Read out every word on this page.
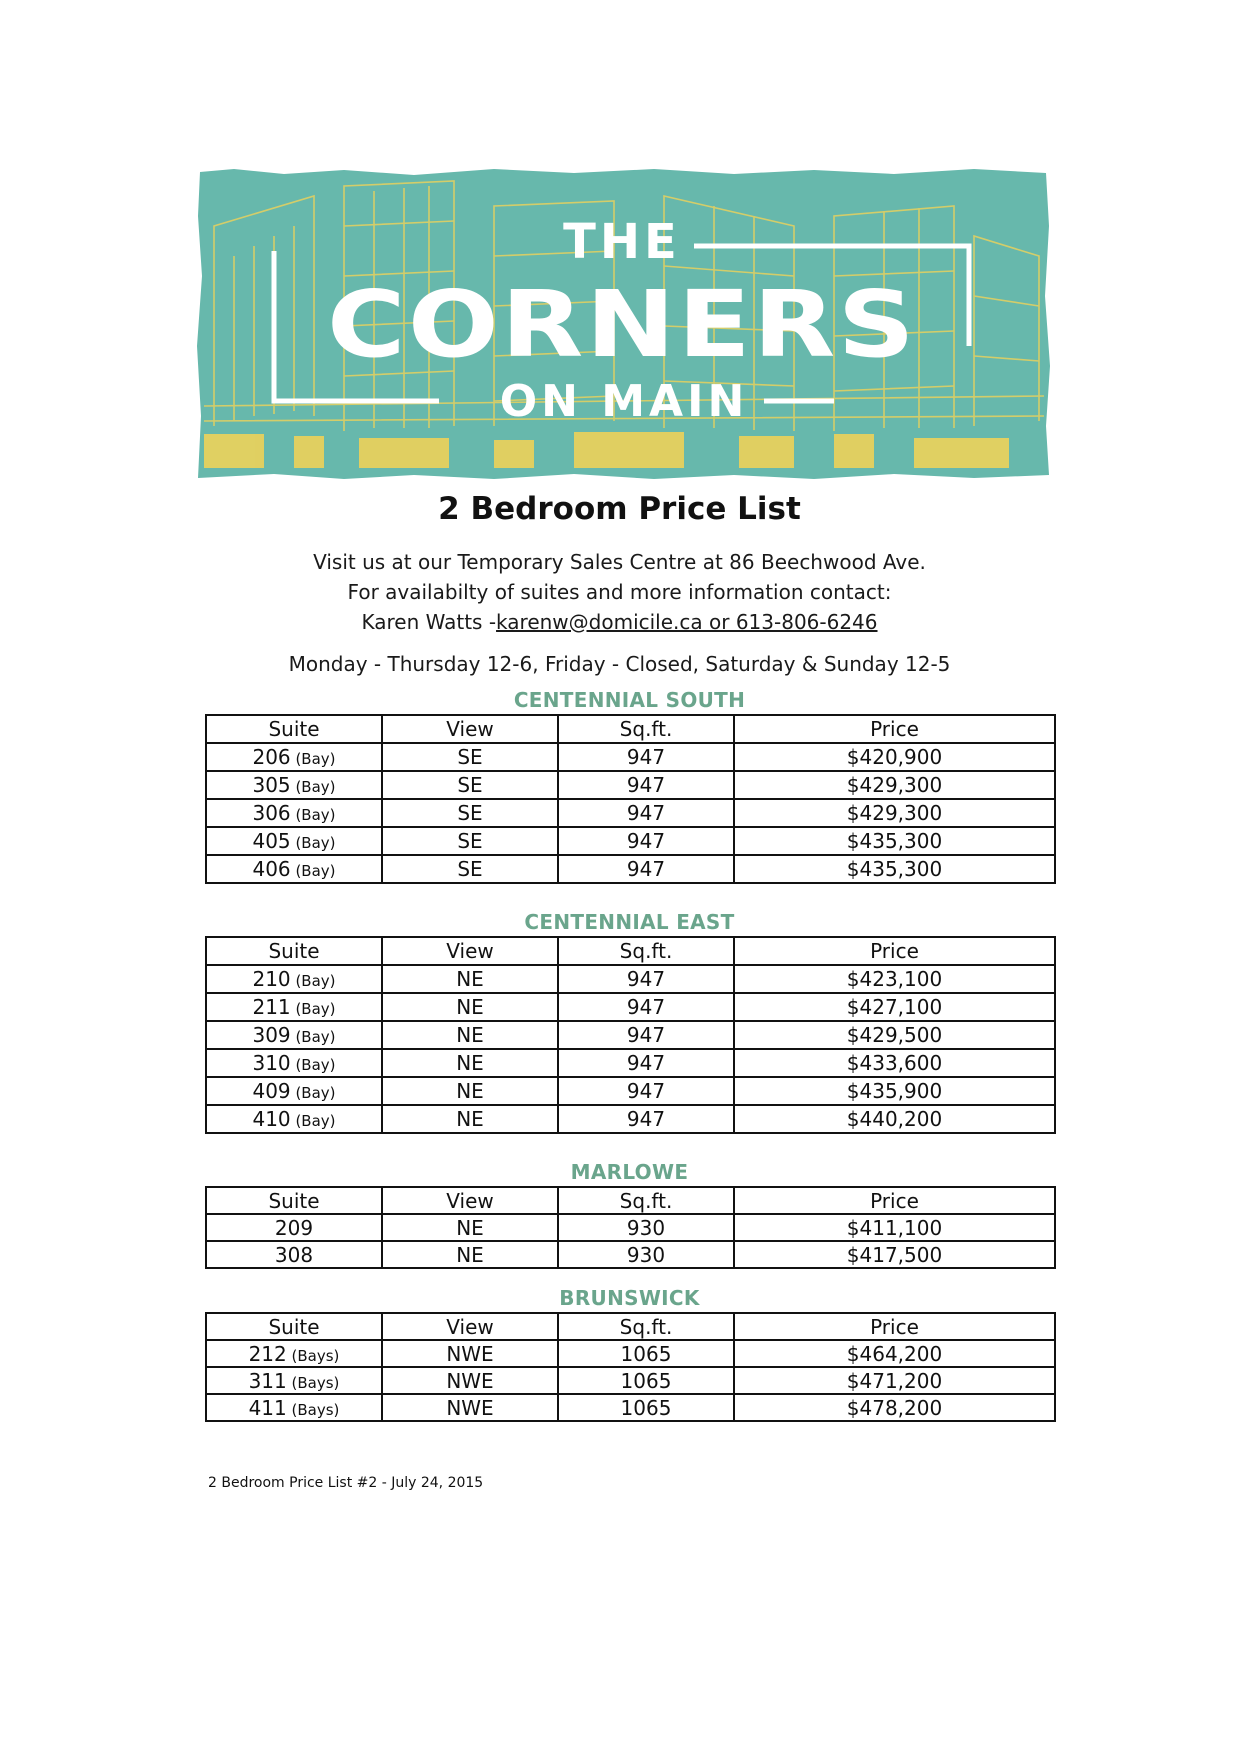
THE
CORNERS
ON MAIN
2 Bedroom Price List
Visit us at our Temporary Sales Centre at 86 Beechwood Ave.
For availabilty of suites and more information contact:
Karen Watts -karenw@domicile.ca or 613-806-6246
Monday - Thursday 12-6, Friday - Closed, Saturday & Sunday 12-5
CENTENNIAL SOUTH
Suite	View	Sq.ft.	Price
206 (Bay)	SE	947	$420,900
305 (Bay)	SE	947	$429,300
306 (Bay)	SE	947	$429,300
405 (Bay)	SE	947	$435,300
406 (Bay)	SE	947	$435,300
CENTENNIAL EAST
Suite	View	Sq.ft.	Price
210 (Bay)	NE	947	$423,100
211 (Bay)	NE	947	$427,100
309 (Bay)	NE	947	$429,500
310 (Bay)	NE	947	$433,600
409 (Bay)	NE	947	$435,900
410 (Bay)	NE	947	$440,200
MARLOWE
Suite	View	Sq.ft.	Price
209	NE	930	$411,100
308	NE	930	$417,500
BRUNSWICK
Suite	View	Sq.ft.	Price
212 (Bays)	NWE	1065	$464,200
311 (Bays)	NWE	1065	$471,200
411 (Bays)	NWE	1065	$478,200
2 Bedroom Price List #2 - July 24, 2015
